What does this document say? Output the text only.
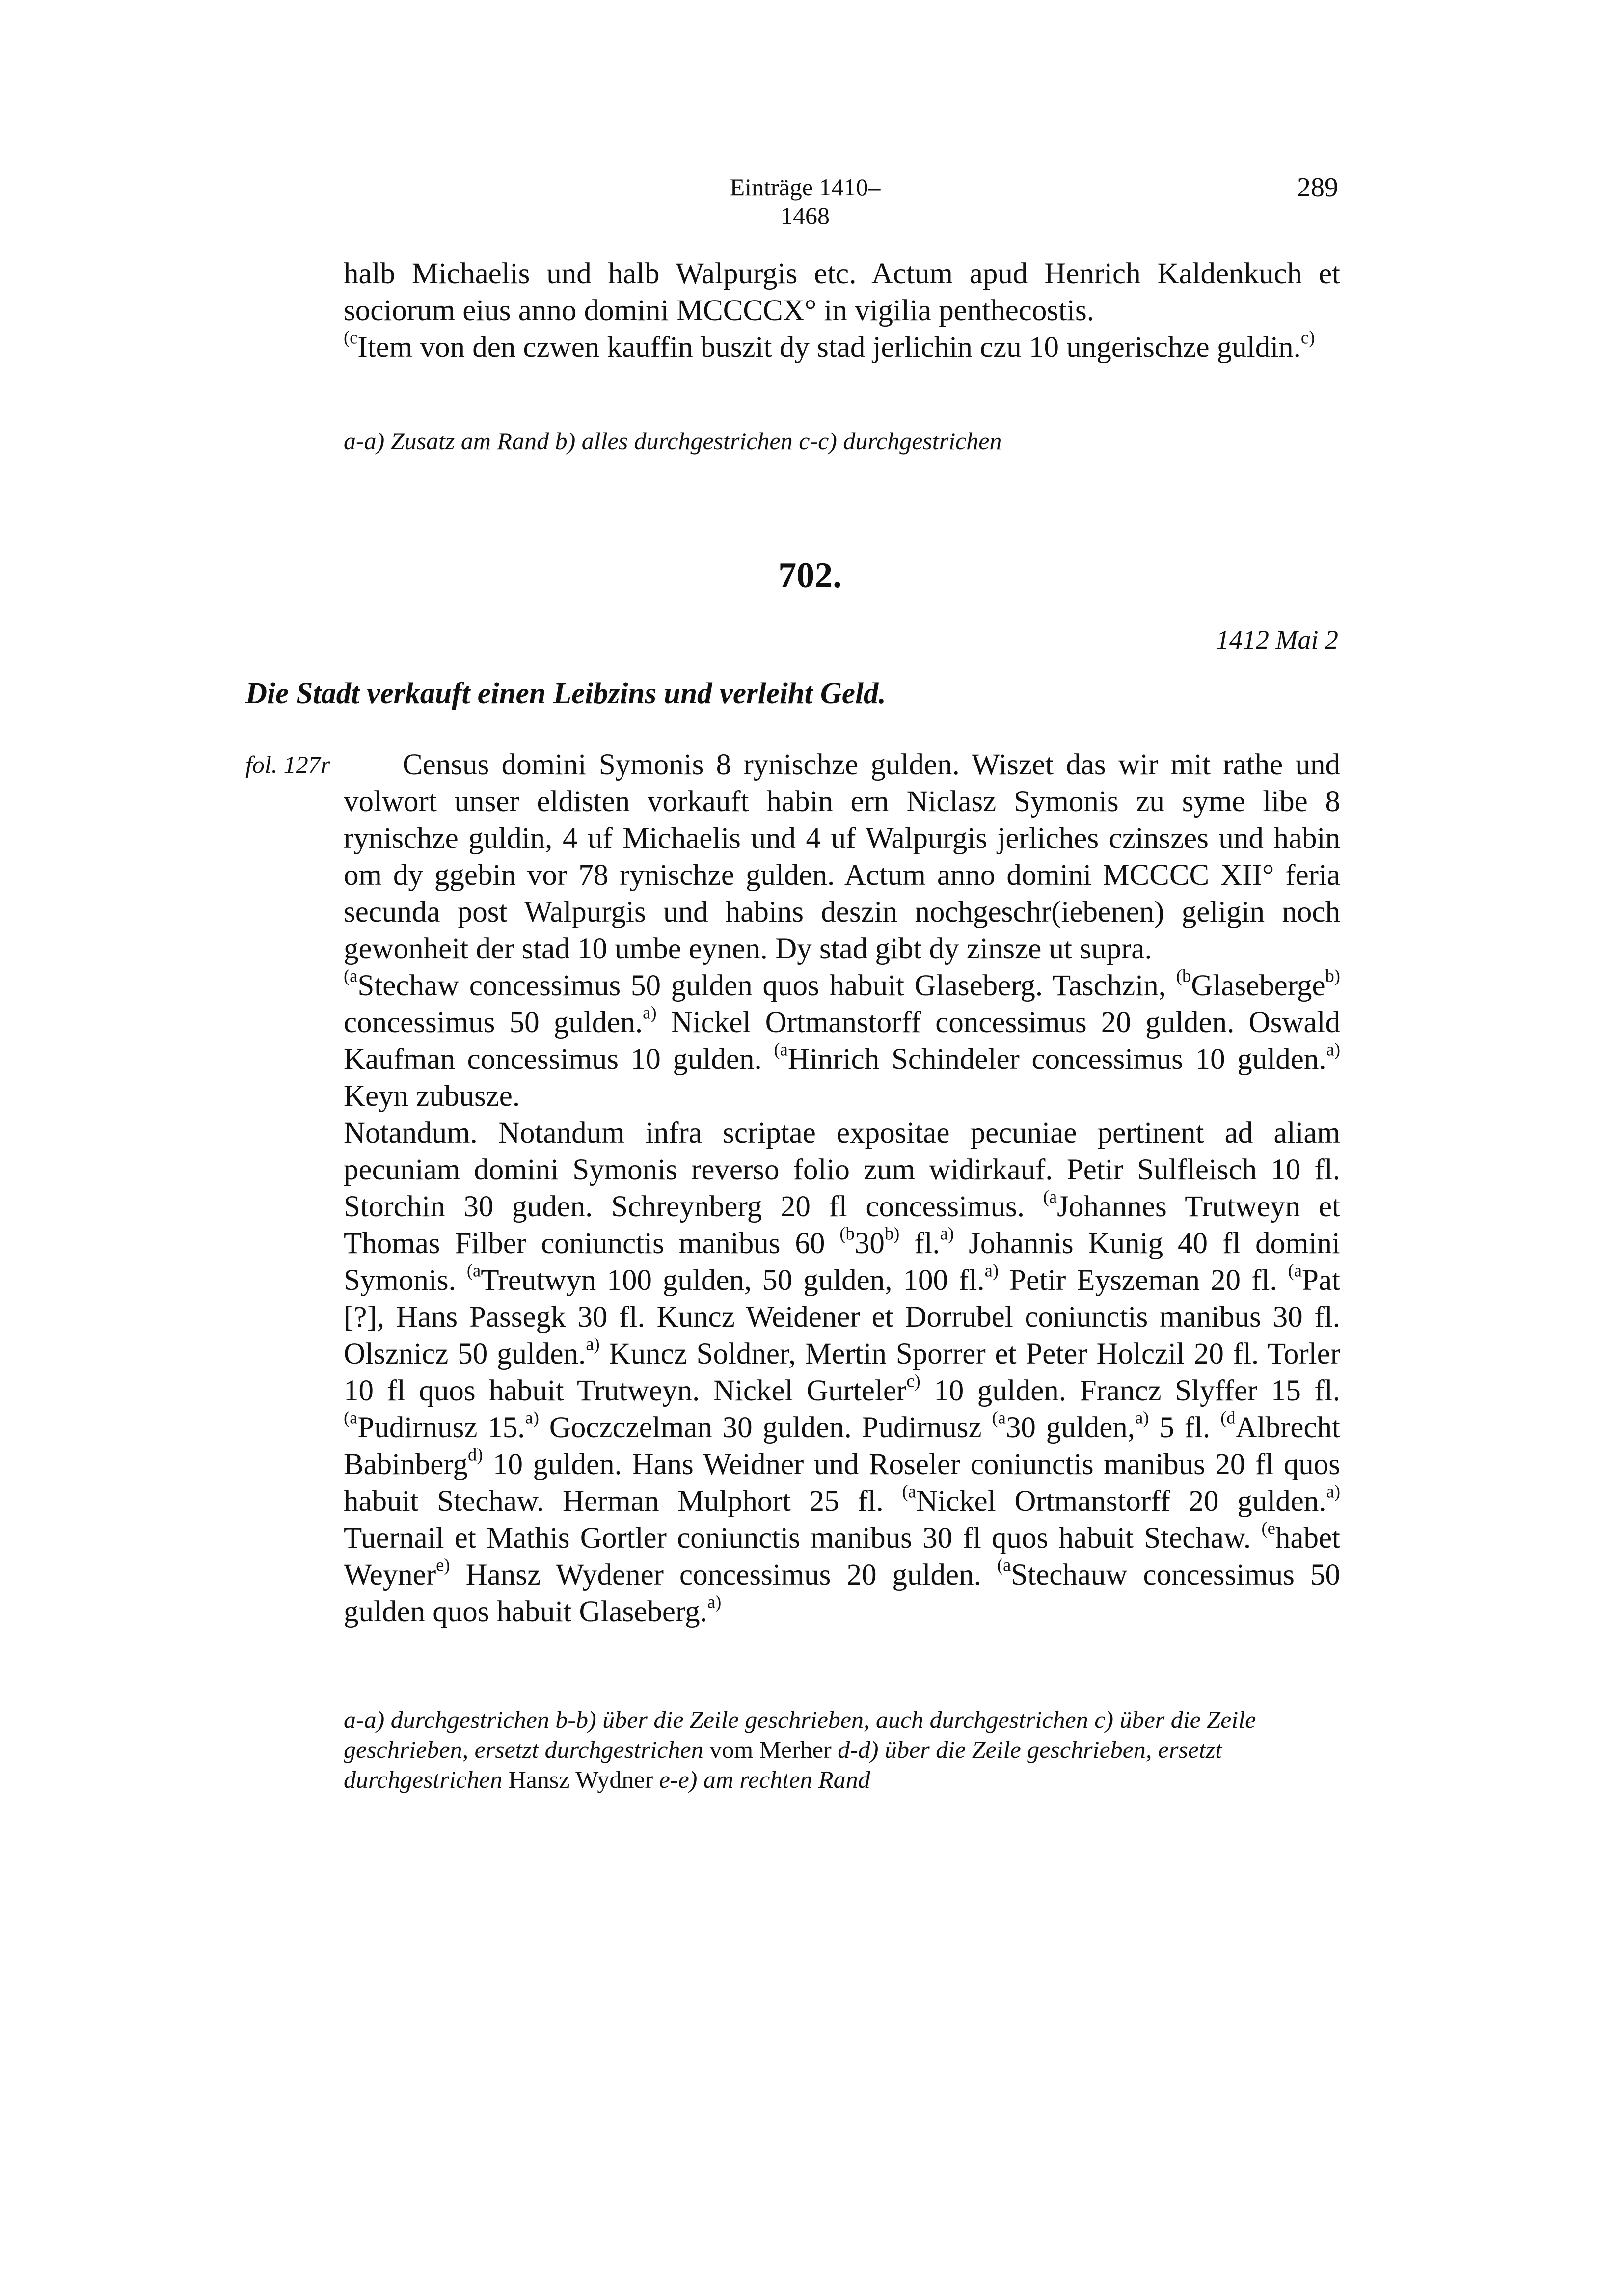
Einträge 1410–1468
289

halb Michaelis und halb Walpurgis etc. Actum apud Henrich Kaldenkuch et sociorum eius anno domini MCCCCX° in vigilia penthecostis.

$^{(c}$Item von den czwen kauffin buszit dy stad jerlichin czu 10 ungerischze guldin.$^{c)}$

a-a) Zusatz am Rand b) alles durchgestrichen c-c) durchgestrichen
702.
1412 Mai 2
Die Stadt verkauft einen Leibzins und verleiht Geld.
fol. 127r	Census domini Symonis 8 rynischze gulden. Wiszet das wir mit rathe und volwort unser eldisten vorkauft habin ern Niclasz Symonis zu syme libe 8 rynischze guldin, 4 uf Michaelis und 4 uf Walpurgis jerliches czinszes und habin om dy ggebin vor 78 rynischze gulden. Actum anno domini MCCCC XII° feria secunda post Walpurgis und habins deszin nochgeschr(iebenen) geligin noch gewonheit der stad 10 umbe eynen. Dy stad gibt dy zinsze ut supra.

$^{(a}$Stechaw concessimus 50 gulden quos habuit Glaseberg. Taschzin, $^{(b}$Glaseberge$^{b)}$ concessimus 50 gulden.$^{a)}$ Nickel Ortmanstorff concessimus 20 gulden. Oswald Kaufman concessimus 10 gulden. $^{(a}$Hinrich Schindeler concessimus 10 gulden.$^{a)}$ Keyn zubusze.

Notandum. Notandum infra scriptae expositae pecuniae pertinent ad aliam pecuniam domini Symonis reverso folio zum widirkauf. Petir Sulfleisch 10 fl. Storchin 30 guden. Schreynberg 20 fl concessimus. $^{(a}$Johannes Trutweyn et Thomas Filber coniunctis manibus 60 $^{(b}$30$^{b)}$ fl.$^{a)}$ Johannis Kunig 40 fl domini Symonis. $^{(a}$Treutwyn 100 gulden, 50 gulden, 100 fl.$^{a)}$ Petir Eyszeman 20 fl. $^{(a}$Pat [?], Hans Passegk 30 fl. Kuncz Weidener et Dorrubel coniunctis manibus 30 fl. Olsznicz 50 gulden.$^{a)}$ Kuncz Soldner, Mertin Sporrer et Peter Holczil 20 fl. Torler 10 fl quos habuit Trutweyn. Nickel Gurteler$^{c)}$ 10 gulden. Francz Slyffer 15 fl. $^{(a}$Pudirnusz 15.$^{a)}$ Goczczelman 30 gulden. Pudirnusz $^{(a}$30 gulden,$^{a)}$ 5 fl. $^{(d}$Albrecht Babinberg$^{d)}$ 10 gulden. Hans Weidner und Roseler coniunctis manibus 20 fl quos habuit Stechaw. Herman Mulphort 25 fl. $^{(a}$Nickel Ortmanstorff 20 gulden.$^{a)}$ Tuernail et Mathis Gortler coniunctis manibus 30 fl quos habuit Stechaw. $^{(e}$habet Weyner$^{e)}$ Hansz Wydener concessimus 20 gulden. $^{(a}$Stechauw concessimus 50 gulden quos habuit Glaseberg.$^{a)}$

a-a) durchgestrichen b-b) über die Zeile geschrieben, auch durchgestrichen c) über die Zeile geschrieben, ersetzt durchgestrichen vom Merher d-d) über die Zeile geschrieben, ersetzt durchgestrichen Hansz Wydner e-e) am rechten Rand
